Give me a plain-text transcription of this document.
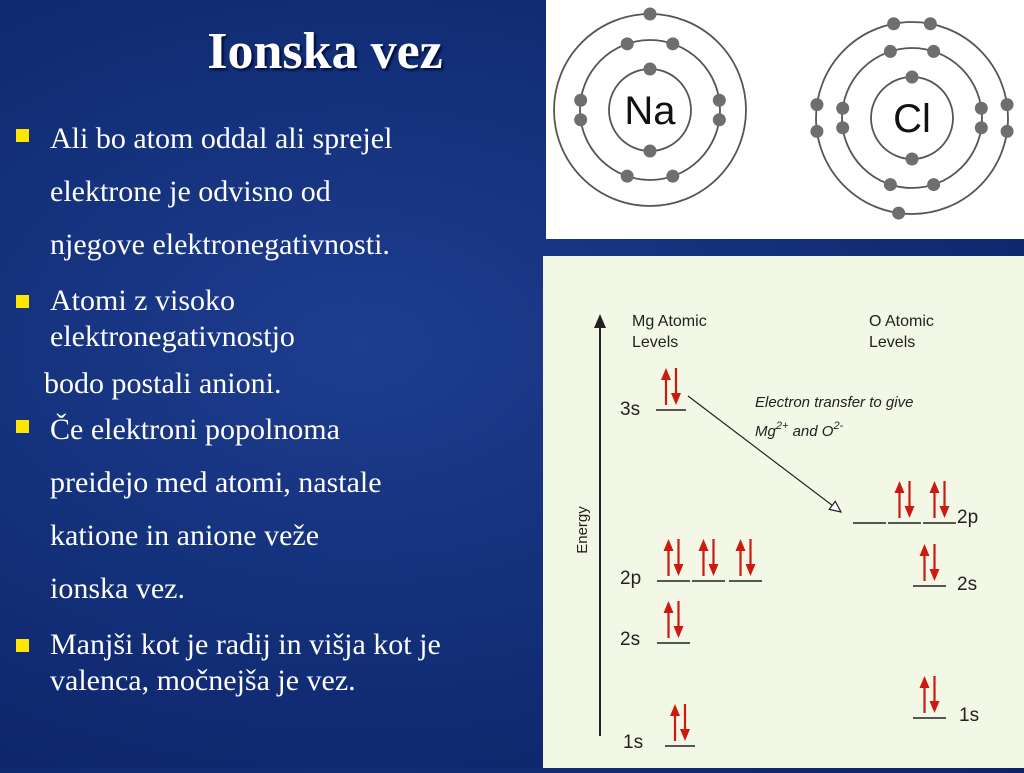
Ionska vez
Ali bo atom oddal ali sprejel
elektrone je odvisno od
njegove elektronegativnosti.
Atomi z visoko
elektronegativnostjo
bodo postali anioni.
Če elektroni popolnoma
preidejo med atomi, nastale
katione in anione veže
ionska vez.
Manjši kot je radij in višja kot je
valenca, močnejša je vez.
Na	Cl
Energy
Mg Atomic
Levels
O Atomic
Levels
3s
2p
2s
1s
2p
2s
1s
Electron transfer to give
$Mg^{2+}$ and $O^{2-}$
